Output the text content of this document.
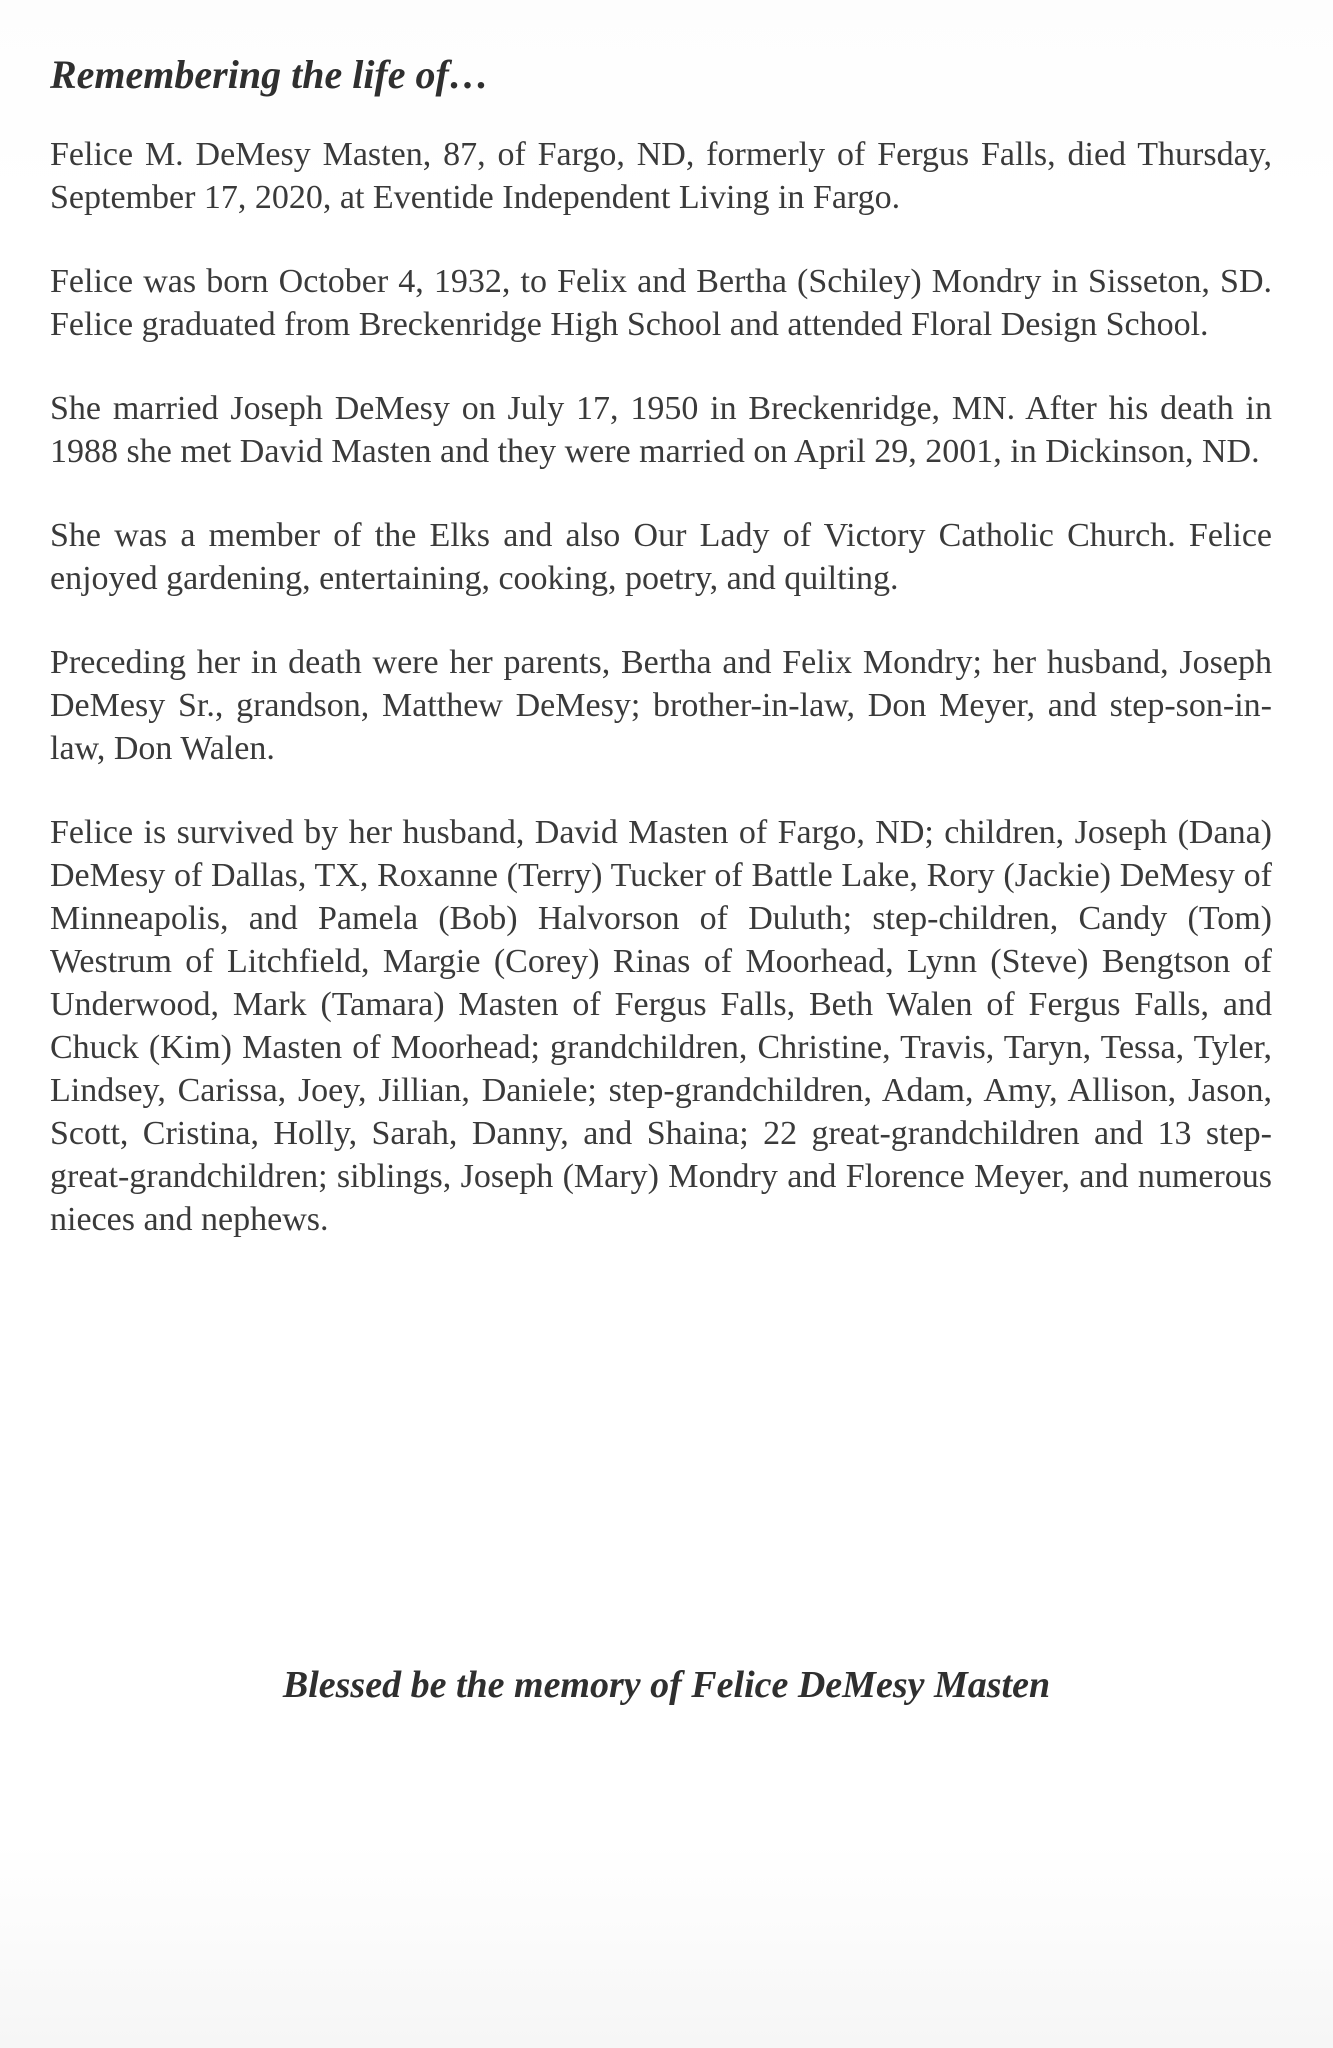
Remembering the life of…

Felice M. DeMesy Masten, 87, of Fargo, ND, formerly of Fergus Falls, died Thursday, September 17, 2020, at Eventide Independent Living in Fargo.

Felice was born October 4, 1932, to Felix and Bertha (Schiley) Mondry in Sisseton, SD. Felice graduated from Breckenridge High School and attended Floral Design School.

She married Joseph DeMesy on July 17, 1950 in Breckenridge, MN. After his death in 1988 she met David Masten and they were married on April 29, 2001, in Dickinson, ND.

She was a member of the Elks and also Our Lady of Victory Catholic Church. Felice enjoyed gardening, entertaining, cooking, poetry, and quilting.

Preceding her in death were her parents, Bertha and Felix Mondry; her husband, Joseph DeMesy Sr., grandson, Matthew DeMesy; brother-in-law, Don Meyer, and step-son-in-law, Don Walen.

Felice is survived by her husband, David Masten of Fargo, ND; children, Joseph (Dana) DeMesy of Dallas, TX, Roxanne (Terry) Tucker of Battle Lake, Rory (Jackie) DeMesy of Minneapolis, and Pamela (Bob) Halvorson of Duluth; step-children, Candy (Tom) Westrum of Litchfield, Margie (Corey) Rinas of Moorhead, Lynn (Steve) Bengtson of Underwood, Mark (Tamara) Masten of Fergus Falls, Beth Walen of Fergus Falls, and Chuck (Kim) Masten of Moorhead; grandchildren, Christine, Travis, Taryn, Tessa, Tyler, Lindsey, Carissa, Joey, Jillian, Daniele; step-grandchildren, Adam, Amy, Allison, Jason, Scott, Cristina, Holly, Sarah, Danny, and Shaina; 22 great-grandchildren and 13 step-great-grandchildren; siblings, Joseph (Mary) Mondry and Florence Meyer, and numerous nieces and nephews.

Blessed be the memory of Felice DeMesy Masten
